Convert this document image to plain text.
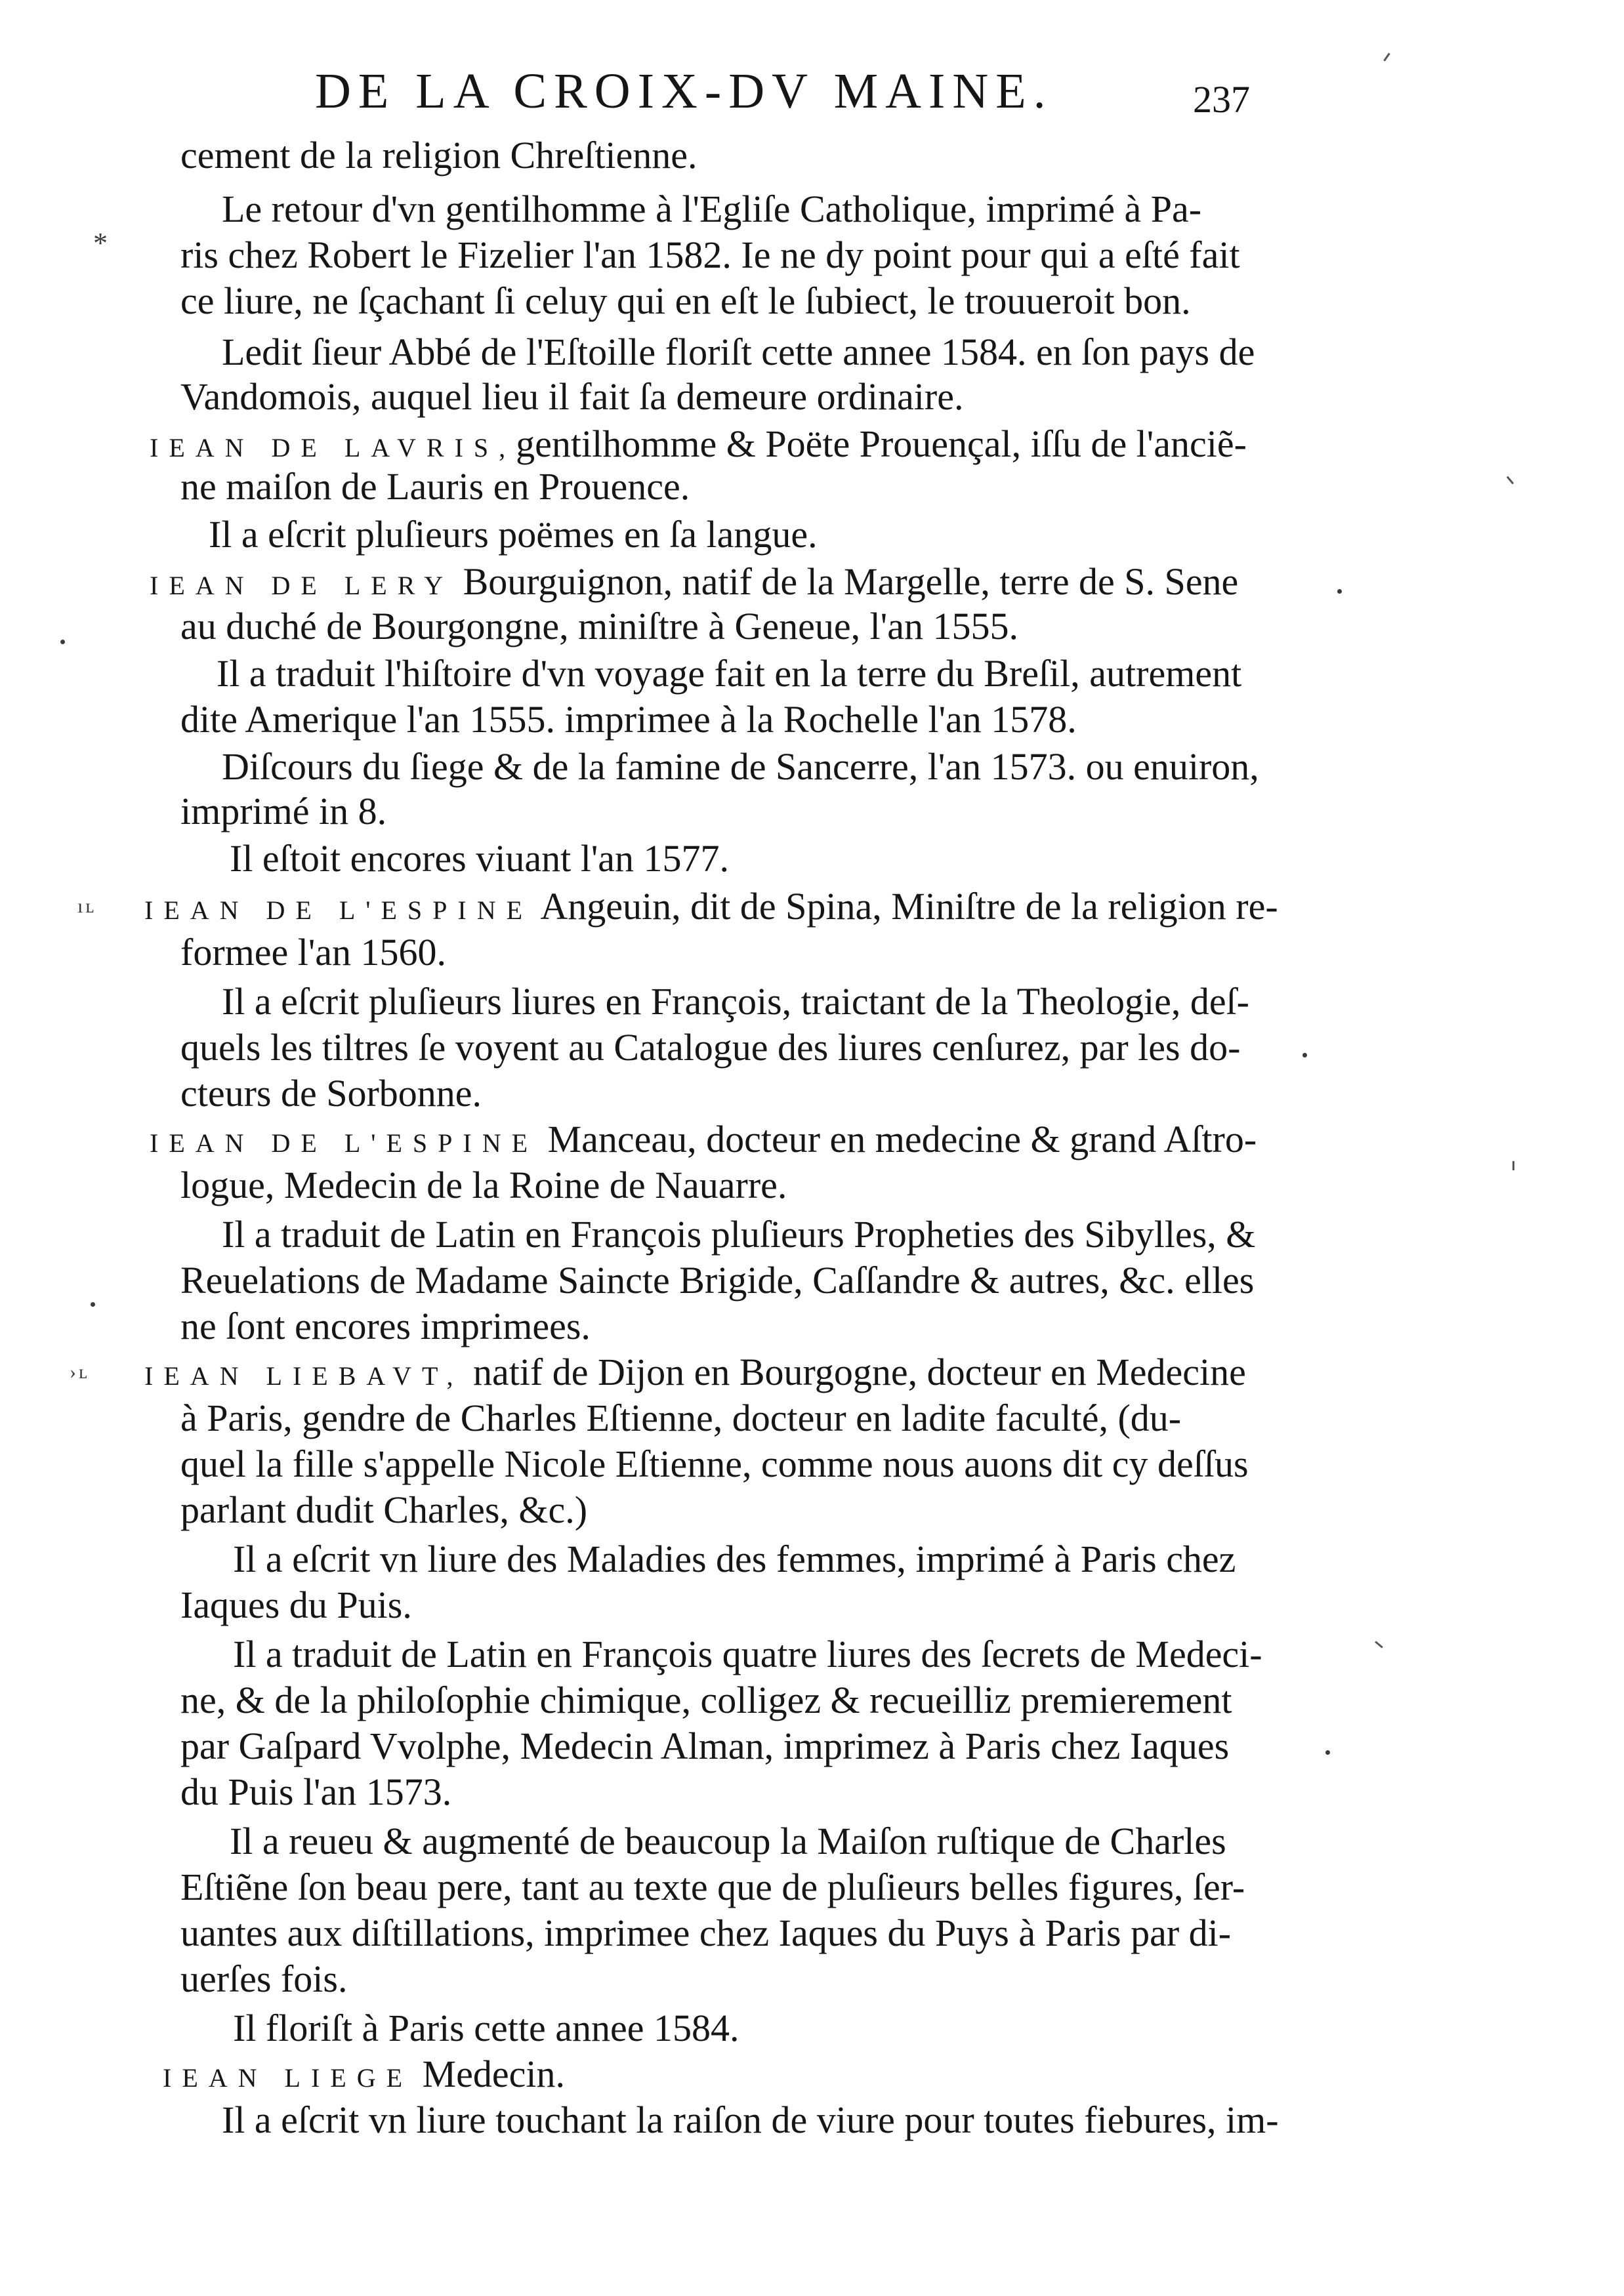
DE LA CROIX-DV MAINE.	237
cement de la religion Chreſtienne.
Le retour d'vn gentilhomme à l'Egliſe Catholique, imprimé à Pa-
ris chez Robert le Fizelier l'an 1582. Ie ne dy point pour qui a eſté fait
ce liure, ne ſçachant ſi celuy qui en eſt le ſubiect, le trouueroit bon.
Ledit ſieur Abbé de l'Eſtoille floriſt cette annee 1584. en ſon pays de
Vandomois, auquel lieu il fait ſa demeure ordinaire.
IEAN DE LAVRIS,gentilhomme & Poëte Prouençal, iſſu de l'anciẽ-
ne maiſon de Lauris en Prouence.
Il a eſcrit pluſieurs poëmes en ſa langue.
IEAN DE LERY Bourguignon, natif de la Margelle, terre de S. Sene
au duché de Bourgongne, miniſtre à Geneue, l'an 1555.
Il a traduit l'hiſtoire d'vn voyage fait en la terre du Breſil, autrement
dite Amerique l'an 1555. imprimee à la Rochelle l'an 1578.
Diſcours du ſiege & de la famine de Sancerre, l'an 1573. ou enuiron,
imprimé in 8.
Il eſtoit encores viuant l'an 1577.
IEAN DE L'ESPINE Angeuin, dit de Spina, Miniſtre de la religion re-
formee l'an 1560.
Il a eſcrit pluſieurs liures en François, traictant de la Theologie, deſ-
quels les tiltres ſe voyent au Catalogue des liures cenſurez, par les do-
cteurs de Sorbonne.
IEAN DE L'ESPINE Manceau, docteur en medecine & grand Aſtro-
logue, Medecin de la Roine de Nauarre.
Il a traduit de Latin en François pluſieurs Propheties des Sibylles, &
Reuelations de Madame Saincte Brigide, Caſſandre & autres, &c. elles
ne ſont encores imprimees.
IEAN LIEBAVT, natif de Dijon en Bourgogne, docteur en Medecine
à Paris, gendre de Charles Eſtienne, docteur en ladite faculté, (du-
quel la fille s'appelle Nicole Eſtienne, comme nous auons dit cy deſſus
parlant dudit Charles, &c.)
Il a eſcrit vn liure des Maladies des femmes, imprimé à Paris chez
Iaques du Puis.
Il a traduit de Latin en François quatre liures des ſecrets de Medeci-
ne, & de la philoſophie chimique, colligez & recueilliz premierement
par Gaſpard Vvolphe, Medecin Alman, imprimez à Paris chez Iaques
du Puis l'an 1573.
Il a reueu & augmenté de beaucoup la Maiſon ruſtique de Charles
Eſtiẽne ſon beau pere, tant au texte que de pluſieurs belles figures, ſer-
uantes aux diſtillations, imprimee chez Iaques du Puys à Paris par di-
uerſes fois.
Il floriſt à Paris cette annee 1584.
IEAN LIEGE Medecin.
Il a eſcrit vn liure touchant la raiſon de viure pour toutes fiebures, im-
*
ıʟ
›ʟ
